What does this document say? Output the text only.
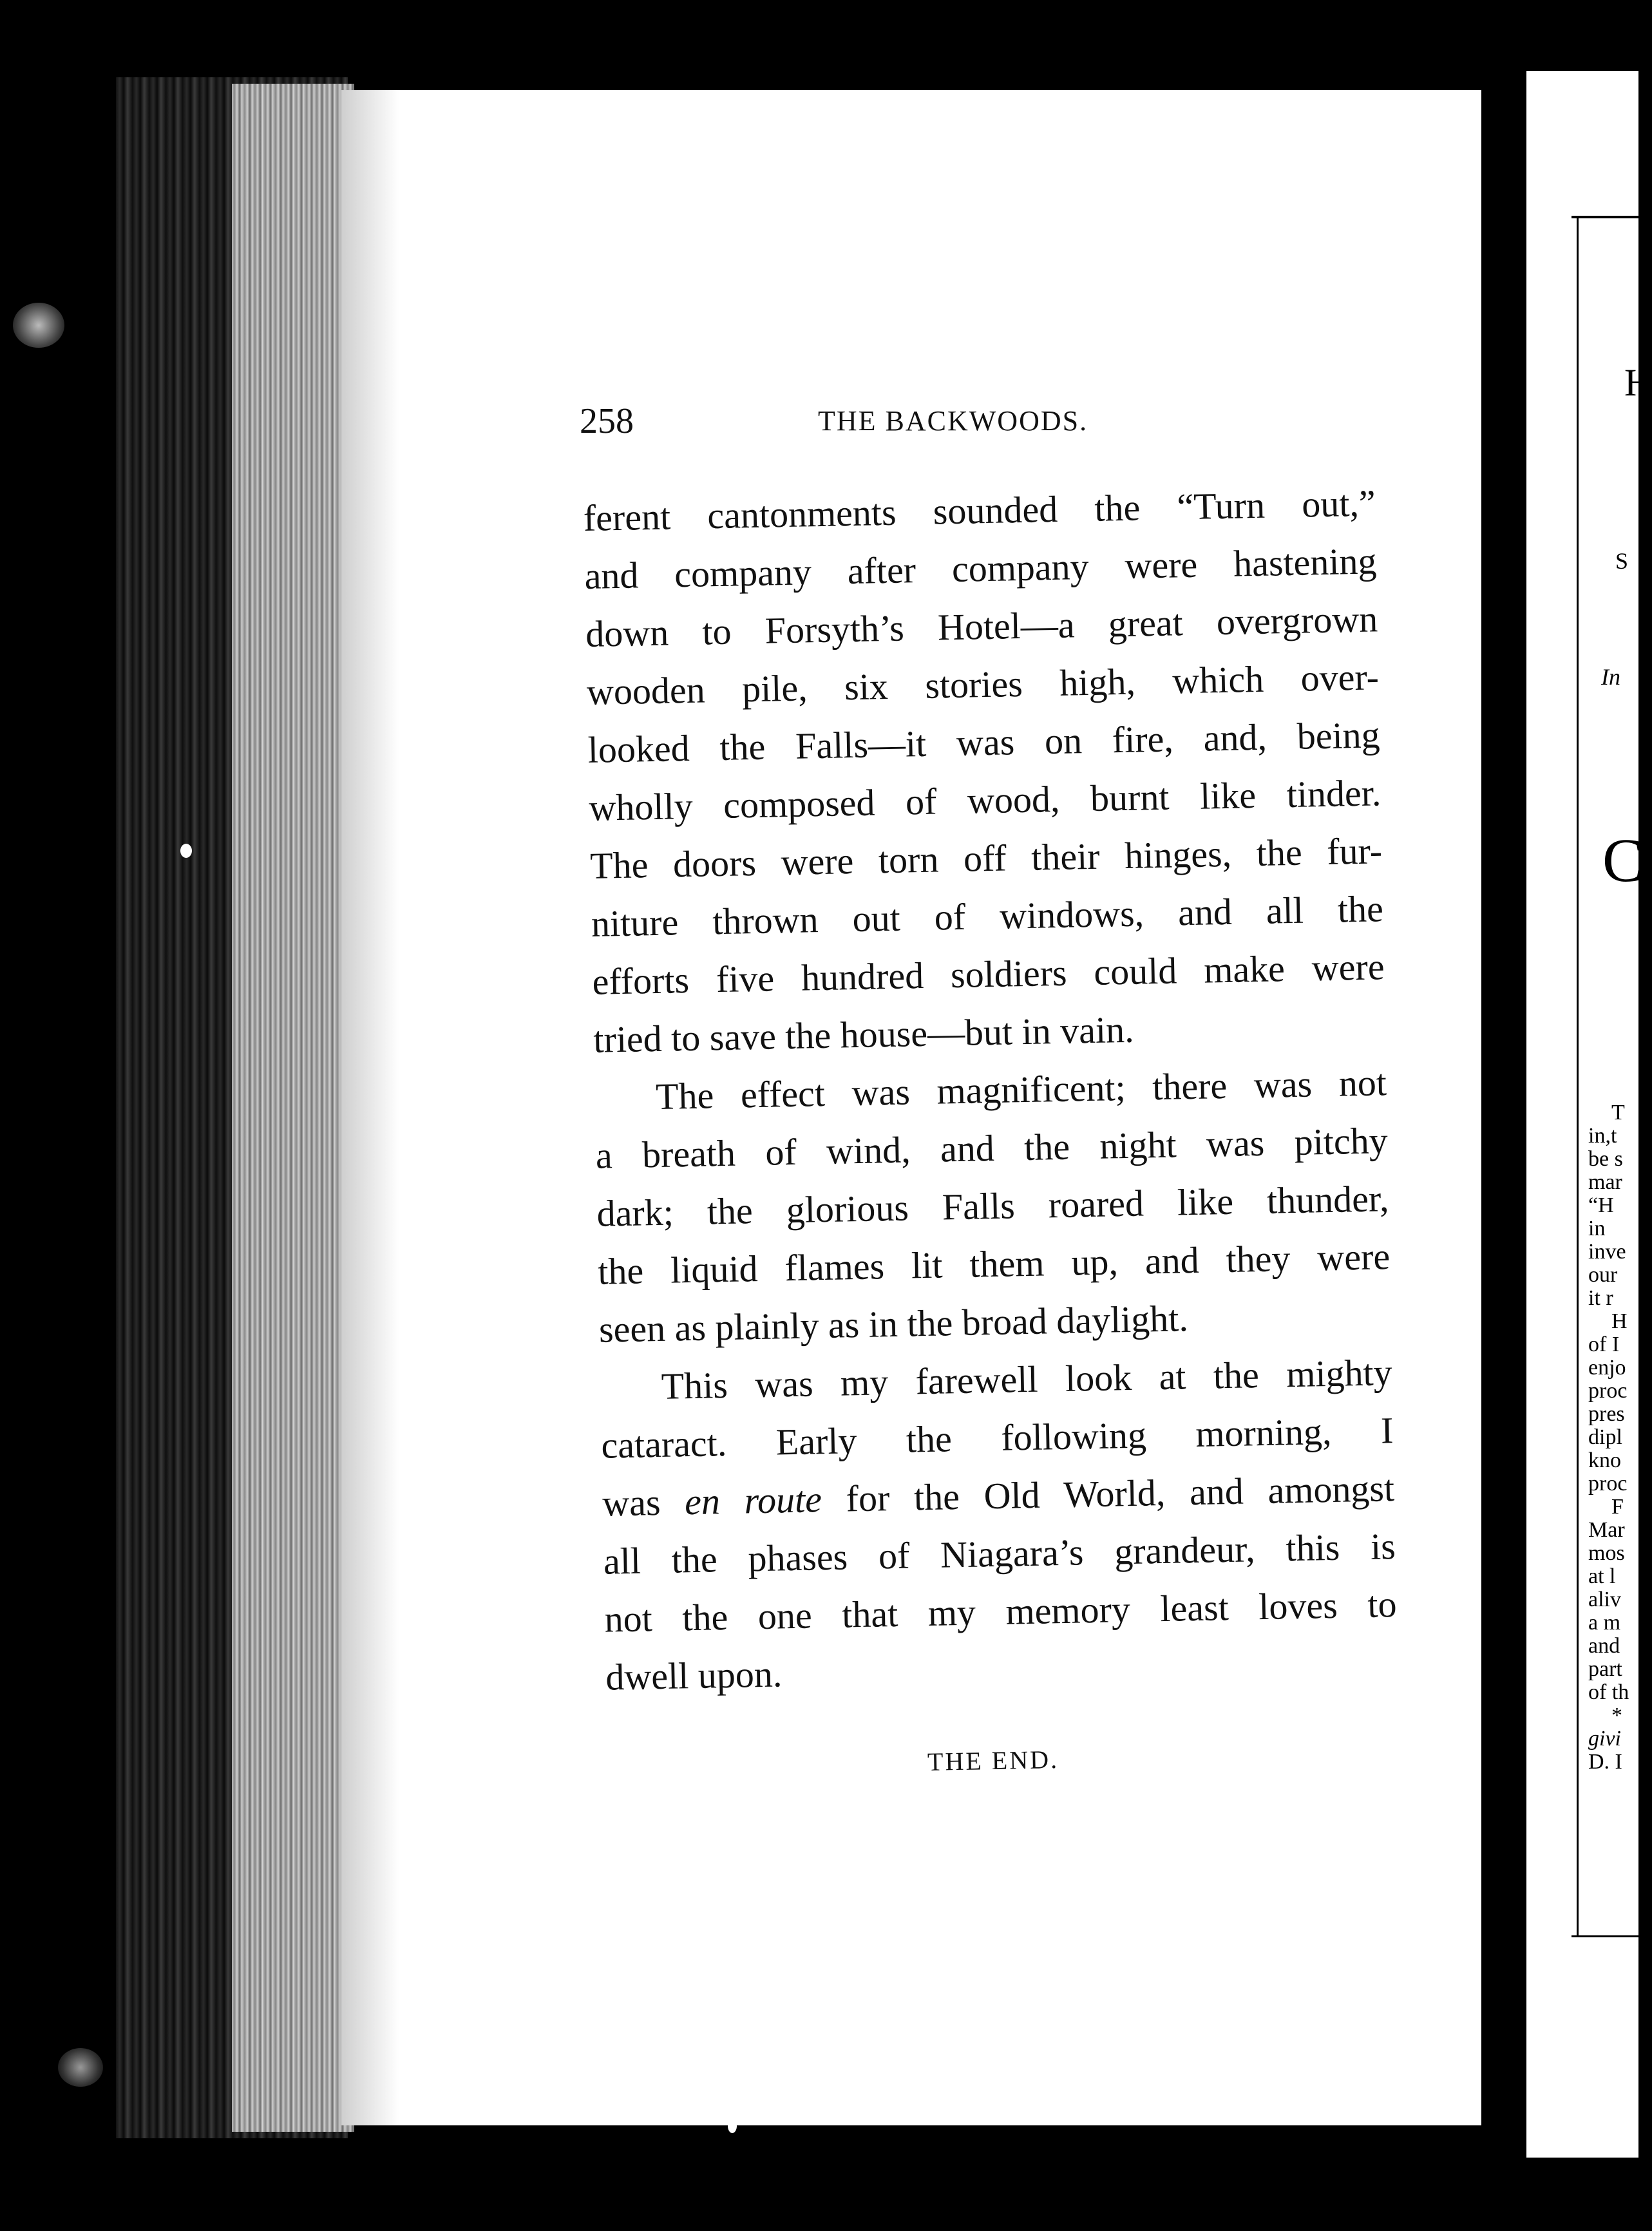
H
S
In
C
T
in,t
be s
mar
“H
in
inve
our
it r
H
of I
enjo
proc
pres
dipl
kno
proc
F
Mar
mos
at l
aliv
a m
and
part
of th
*
givi
D. I
258	THE BACKWOODS.
ferent cantonments sounded the “Turn out,”
and company after company were hastening
down to Forsyth’s Hotel—a great overgrown
wooden pile, six stories high, which over-
looked the Falls—it was on fire, and, being
wholly composed of wood, burnt like tinder.
The doors were torn off their hinges, the fur-
niture thrown out of windows, and all the
efforts five hundred soldiers could make were
tried to save the house—but in vain.
The effect was magnificent; there was not
a breath of wind, and the night was pitchy
dark; the glorious Falls roared like thunder,
the liquid flames lit them up, and they were
seen as plainly as in the broad daylight.
This was my farewell look at the mighty
cataract. Early the following morning, I
was en route for the Old World, and amongst
all the phases of Niagara’s grandeur, this is
not the one that my memory least loves to
dwell upon.
THE END.
